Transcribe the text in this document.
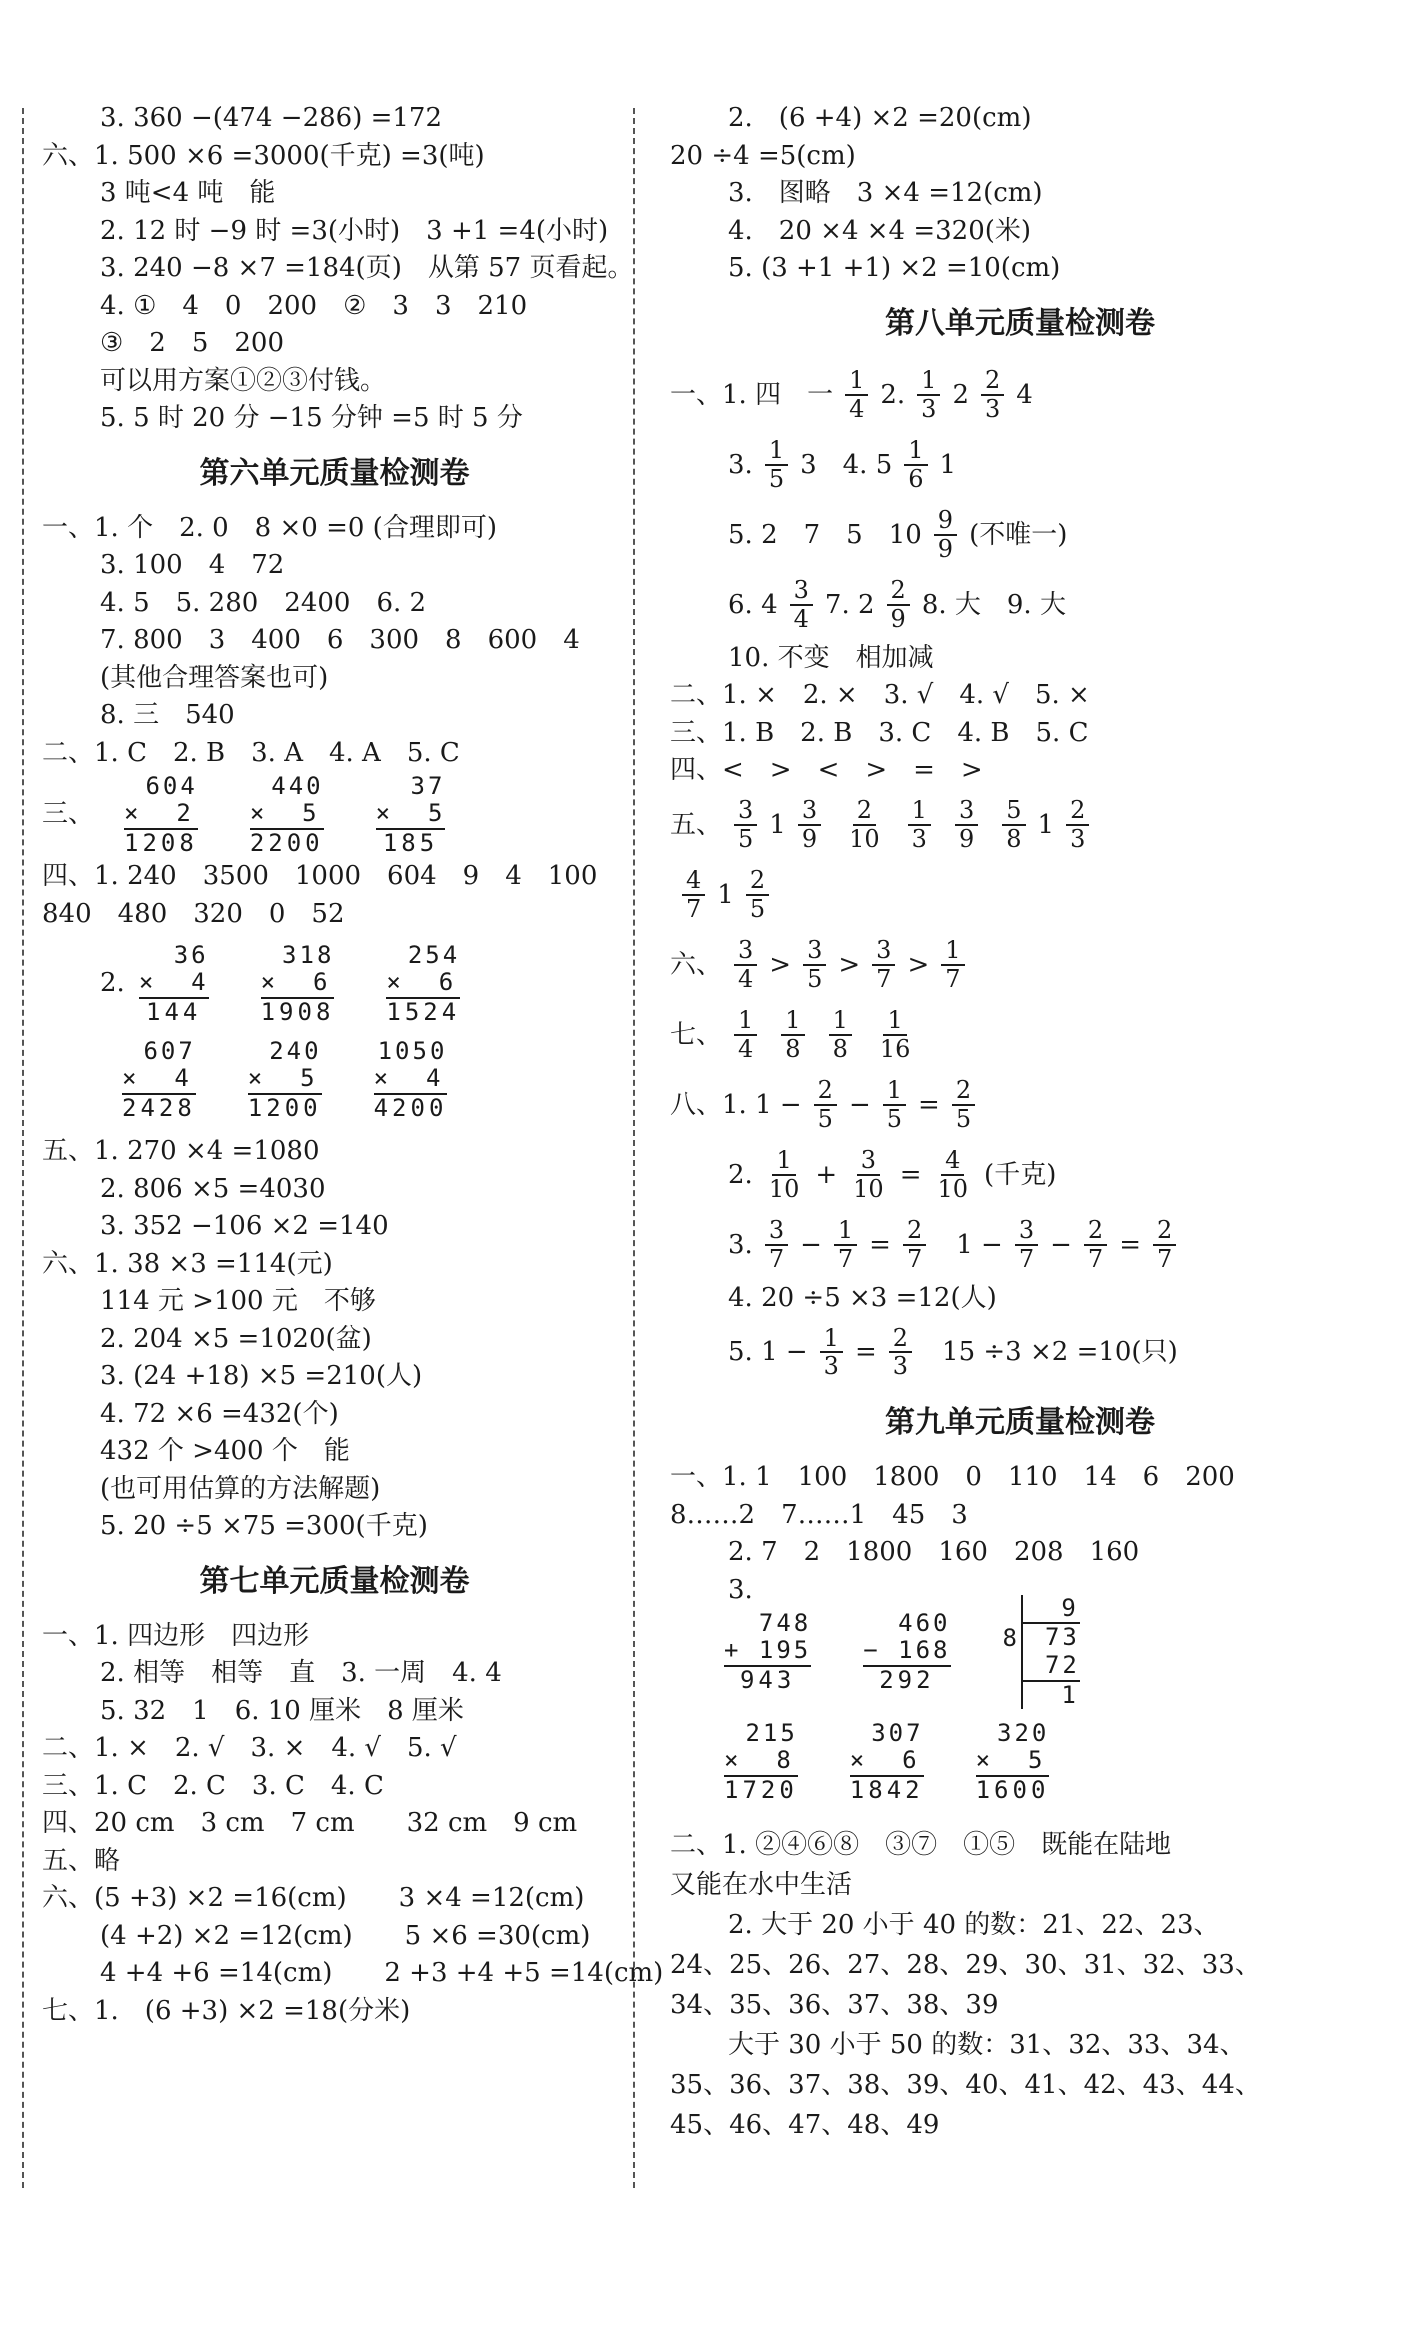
3. 360 −(474 −286) =172
六、1. 500 ×6 =3000(千克) =3(吨)
3 吨<4 吨　能
2. 12 时 −9 时 =3(小时)　3 +1 =4(小时)
3. 240 −8 ×7 =184(页)　从第 57 页看起。
4. ①　4　0　200　②　3　3　210
③　2　5　200
可以用方案①②③付钱。
5. 5 时 20 分 −15 分钟 =5 时 5 分
第六单元质量检测卷
一、1. 个　2. 0　8 ×0 =0 (合理即可)
3. 100　4　72
4. 5　5. 280　2400　6. 2
7. 800　3　400　6　300　8　600　4
(其他合理答案也可)
8. 三　540
二、1. C　2. B　3. A　4. A　5. C
三、
604
×  2
1208
440
×  5
2200
37
×  5
185
四、1. 240　3500　1000　604　9　4　100
840　480　320　0　52
2.
36
×  4
144
318
×  6
1908
254
×  6
1524
607
×  4
2428
240
×  5
1200
1050
×  4
4200
五、1. 270 ×4 =1080
2. 806 ×5 =4030
3. 352 −106 ×2 =140
六、1. 38 ×3 =114(元)
114 元 >100 元　不够
2. 204 ×5 =1020(盆)
3. (24 +18) ×5 =210(人)
4. 72 ×6 =432(个)
432 个 >400 个　能
(也可用估算的方法解题)
5. 20 ÷5 ×75 =300(千克)
第七单元质量检测卷
一、1. 四边形　四边形
2. 相等　相等　直　3. 一周　4. 4
5. 32　1　6. 10 厘米　8 厘米
二、1. ×　2. √　3. ×　4. √　5. √
三、1. C　2. C　3. C　4. C
四、20 cm　3 cm　7 cm　　32 cm　9 cm
五、略
六、(5 +3) ×2 =16(cm)　　3 ×4 =12(cm)
(4 +2) ×2 =12(cm)　　5 ×6 =30(cm)
4 +4 +6 =14(cm)　　2 +3 +4 +5 =14(cm)
七、1.　(6 +3) ×2 =18(分米)
2.　(6 +4) ×2 =20(cm)
20 ÷4 =5(cm)
3.　图略　3 ×4 =12(cm)
4.　20 ×4 ×4 =320(米)
5. (3 +1 +1) ×2 =10(cm)
第八单元质量检测卷
一、1. 四　一 1
4 2. 1
3 2 2
3 4
3. 1
5 3　4. 5 1
6 1
5. 2　7　5　10 9
9 (不唯一)
6. 4 3
4 7. 2 2
9 8. 大　9. 大
10. 不变　相加减
二、1. ×　2. ×　3. √　4. √　5. ×
三、1. B　2. B　3. C　4. B　5. C
四、<　>　<　>　=　>
五、 3
5 1 3
9
2
10
1
3
3
9
5
8 1 2
3
4
7 1 2
5
六、 3
4 > 3
5 > 3
7 > 1
7
七、 1
4
1
8
1
8
1
16
八、1. $1 - \frac{2}{5} - \frac{1}{5} = \frac{2}{5}$
2. 1
$10 + \frac{3}{10} = \frac{4}{10}$ (千克)
3. 3
$7 - \frac{1}{7} = \frac{2}{7} 1 - \frac{3}{7} - \frac{2}{7} = \frac{2}{7}$
4. 20 ÷5 ×3 =12(人)
5. $1 - \frac{1}{3} = \frac{2}{3} 15 \div 3 \times 2 =10$(只)
第九单元质量检测卷
一、1. 1　100　1800　0　110　14　6　200
8……2　7……1　45　3
2. 7　2　1800　160　208　160
3.
748
+ 195
943
460
− 168
292
8
9
73
72
1
215
×  8
1720
307
×  6
1842
320
×  5
1600
二、1. ②④⑥⑧　③⑦　①⑤　既能在陆地
又能在水中生活
2. 大于 20 小于 40 的数：21、22、23、
24、25、26、27、28、29、30、31、32、33、
34、35、36、37、38、39
大于 30 小于 50 的数：31、32、33、34、
35、36、37、38、39、40、41、42、43、44、
45、46、47、48、49
